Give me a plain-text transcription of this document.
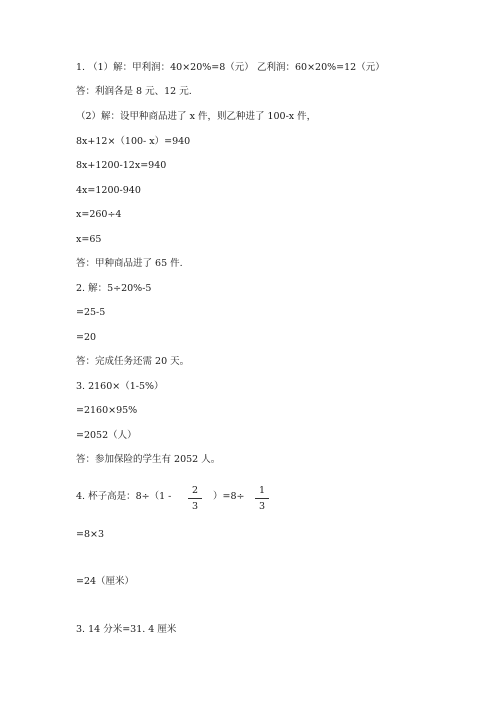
1. （1）解：甲利润：40×20%=8（元） 乙利润：60×20%=12（元）
答：利润各是 8 元、12 元.
（2）解：设甲种商品进了 x 件，则乙种进了 100-x 件，
8x+12×（100- x）=940
8x+1200-12x=940
4x=1200-940
x=260÷4
x=65
答：甲种商品进了 65 件.
2. 解：5÷20%-5
=25-5
=20
答：完成任务还需 20 天。
3. 2160×（1-5%）
=2160×95%
=2052（人）
答：参加保险的学生有 2052 人。
4. 杯子高是：8÷（1 -
2
3
）=8÷
1
3
=8×3
=24（厘米）
3. 14 分米=31. 4 厘米
